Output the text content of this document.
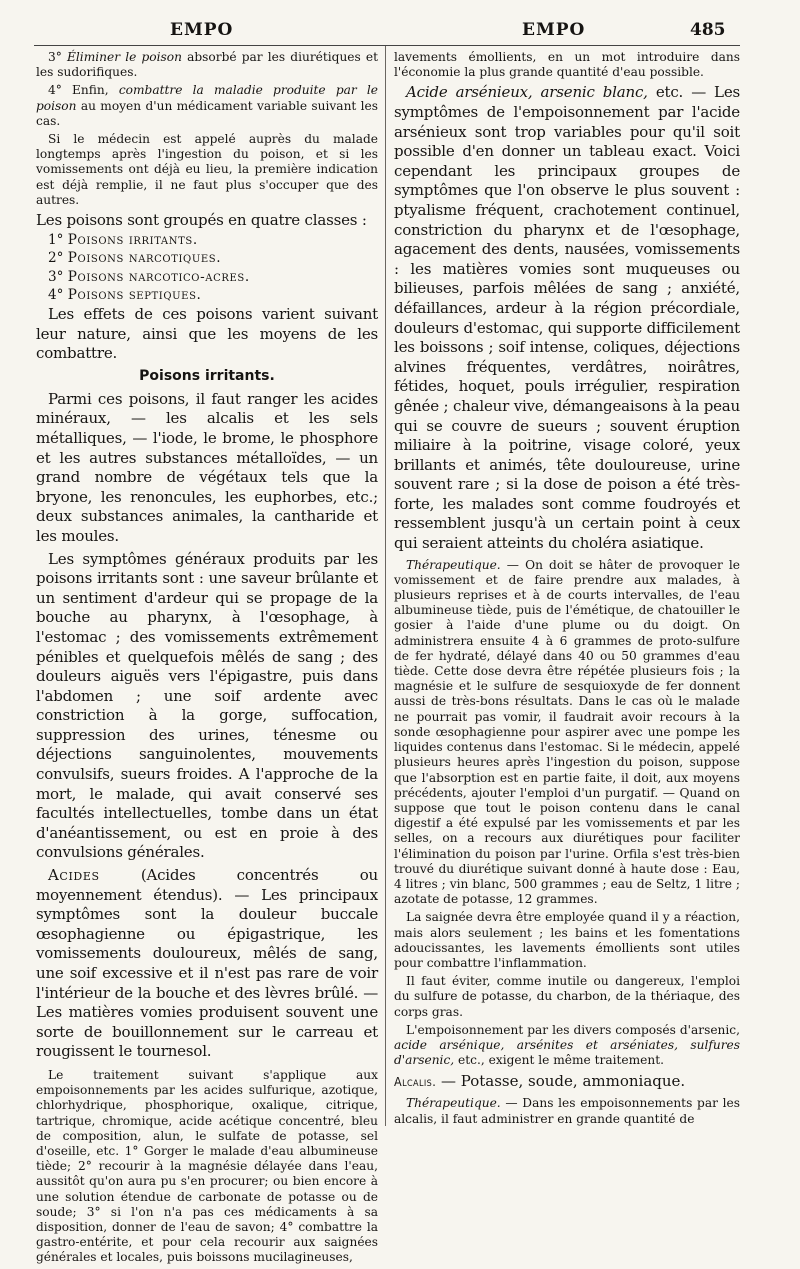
EMPO	EMPO	485

3° Éliminer le poison absorbé par les diurétiques et les sudorifiques.

4° Enfin, combattre la maladie produite par le poison au moyen d'un médicament variable suivant les cas.

Si le médecin est appelé auprès du malade longtemps après l'ingestion du poison, et si les vomissements ont déjà eu lieu, la première indication est déjà remplie, il ne faut plus s'occuper que des autres.

Les poisons sont groupés en quatre classes :

1° Poisons irritants.
2° Poisons narcotiques.
3° Poisons narcotico-acres.
4° Poisons septiques.

Les effets de ces poisons varient suivant leur nature, ainsi que les moyens de les combattre.

Poisons irritants.

Parmi ces poisons, il faut ranger les acides minéraux, — les alcalis et les sels métalliques, — l'iode, le brome, le phosphore et les autres substances métalloïdes, — un grand nombre de végétaux tels que la bryone, les renoncules, les euphorbes, etc.; deux substances animales, la cantharide et les moules.

Les symptômes généraux produits par les poisons irritants sont : une saveur brûlante et un sentiment d'ardeur qui se propage de la bouche au pharynx, à l'œsophage, à l'estomac ; des vomissements extrêmement pénibles et quelquefois mêlés de sang ; des douleurs aiguës vers l'épigastre, puis dans l'abdomen ; une soif ardente avec constriction à la gorge, suffocation, suppression des urines, ténesme ou déjections sanguinolentes, mouvements convulsifs, sueurs froides. A l'approche de la mort, le malade, qui avait conservé ses facultés intellectuelles, tombe dans un état d'anéantissement, ou est en proie à des convulsions générales.

Acides	(Acides concentrés ou moyennement étendus). — Les principaux symptômes sont la douleur buccale œsophagienne ou épigastrique, les vomissements douloureux, mêlés de sang, une soif excessive et il n'est pas rare de voir l'intérieur de la bouche et des lèvres brûlé. — Les matières vomies produisent souvent une sorte de bouillonnement sur le carreau et rougissent le tournesol.

Le traitement suivant s'applique aux empoisonnements par les acides sulfurique, azotique, chlorhydrique, phosphorique, oxalique, citrique, tartrique, chromique, acide acétique concentré, bleu de composition, alun, le sulfate de potasse, sel d'oseille, etc. 1° Gorger le malade d'eau albumineuse tiède; 2° recourir à la magnésie délayée dans l'eau, aussitôt qu'on aura pu s'en procurer; ou bien encore à une solution étendue de carbonate de potasse ou de soude; 3° si l'on n'a pas ces médicaments à sa disposition, donner de l'eau de savon; 4° combattre la gastro-entérite, et pour cela recourir aux saignées générales et locales, puis boissons mucilagineuses,

lavements émollients, en un mot introduire dans l'économie la plus grande quantité d'eau possible.

Acide arsénieux, arsenic blanc, etc. — Les symptômes de l'empoisonnement par l'acide arsénieux sont trop variables pour qu'il soit possible d'en donner un tableau exact. Voici cependant les principaux groupes de symptômes que l'on observe le plus souvent : ptyalisme fréquent, crachotement continuel, constriction du pharynx et de l'œsophage, agacement des dents, nausées, vomissements : les matières vomies sont muqueuses ou bilieuses, parfois mêlées de sang ; anxiété, défaillances, ardeur à la région précordiale, douleurs d'estomac, qui supporte difficilement les boissons ; soif intense, coliques, déjections alvines fréquentes, verdâtres, noirâtres, fétides, hoquet, pouls irrégulier, respiration gênée ; chaleur vive, démangeaisons à la peau qui se couvre de sueurs ; souvent éruption miliaire à la poitrine, visage coloré, yeux brillants et animés, tête douloureuse, urine souvent rare ; si la dose de poison a été très-forte, les malades sont comme foudroyés et ressemblent jusqu'à un certain point à ceux qui seraient atteints du choléra asiatique.

Thérapeutique. — On doit se hâter de provoquer le vomissement et de faire prendre aux malades, à plusieurs reprises et à de courts intervalles, de l'eau albumineuse tiède, puis de l'émétique, de chatouiller le gosier à l'aide d'une plume ou du doigt. On administrera ensuite 4 à 6 grammes de proto-sulfure de fer hydraté, délayé dans 40 ou 50 grammes d'eau tiède. Cette dose devra être répétée plusieurs fois ; la magnésie et le sulfure de sesquioxyde de fer donnent aussi de très-bons résultats. Dans le cas où le malade ne pourrait pas vomir, il faudrait avoir recours à la sonde œsophagienne pour aspirer avec une pompe les liquides contenus dans l'estomac. Si le médecin, appelé plusieurs heures après l'ingestion du poison, suppose que l'absorption est en partie faite, il doit, aux moyens précédents, ajouter l'emploi d'un purgatif. — Quand on suppose que tout le poison contenu dans le canal digestif a été expulsé par les vomissements et par les selles, on a recours aux diurétiques pour faciliter l'élimination du poison par l'urine. Orfila s'est très-bien trouvé du diurétique suivant donné à haute dose : Eau, 4 litres ; vin blanc, 500 grammes ; eau de Seltz, 1 litre ; azotate de potasse, 12 grammes.

La saignée devra être employée quand il y a réaction, mais alors seulement ; les bains et les fomentations adoucissantes, les lavements émollients sont utiles pour combattre l'inflammation.

Il faut éviter, comme inutile ou dangereux, l'emploi du sulfure de potasse, du charbon, de la thériaque, des corps gras.

L'empoisonnement par les divers composés d'arsenic, acide arsénique, arsénites et arséniates, sulfures d'arsenic, etc., exigent le même traitement.

Alcalis. — Potasse, soude, ammoniaque.

Thérapeutique. — Dans les empoisonnements par les alcalis, il faut administrer en grande quantité de
